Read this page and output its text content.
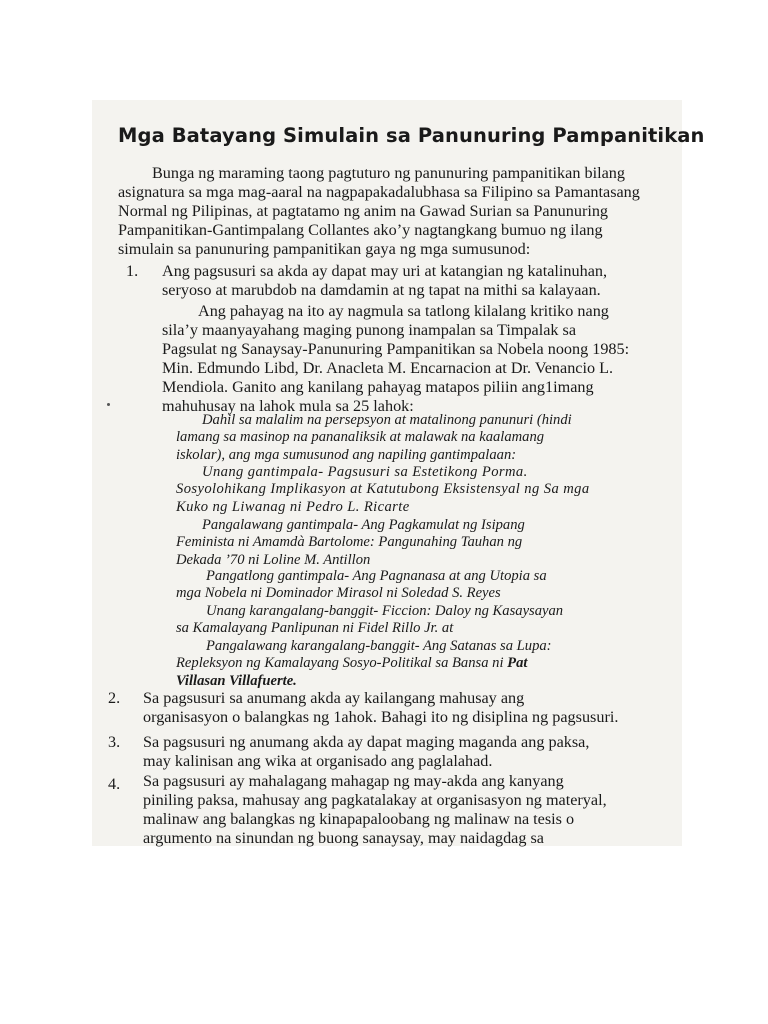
Mga Batayang Simulain sa Panunuring Pampanitikan
Bunga ng maraming taong pagtuturo ng panunuring pampanitikan bilang
asignatura sa mga mag-aaral na nagpapakadalubhasa sa Filipino sa Pamantasang
Normal ng Pilipinas, at pagtatamo ng anim na Gawad Surian sa Panunuring
Pampanitikan-Gantimpalang Collantes ako’y nagtangkang bumuo ng ilang
simulain sa panunuring pampanitikan gaya ng mga sumusunod:
1. Ang pagsusuri sa akda ay dapat may uri at katangian ng katalinuhan,
seryoso at marubdob na damdamin at ng tapat na mithi sa kalayaan.
Ang pahayag na ito ay nagmula sa tatlong kilalang kritiko nang
sila’y maanyayahang maging punong inampalan sa Timpalak sa
Pagsulat ng Sanaysay-Panunuring Pampanitikan sa Nobela noong 1985:
Min. Edmundo Libd, Dr. Anacleta M. Encarnacion at Dr. Venancio L.
Mendiola. Ganito ang kanilang pahayag matapos piliin ang1imang
mahuhusay na lahok mula sa 25 lahok:
Dahil sa malalim na persepsyon at matalinong panunuri (hindi
lamang sa masinop na pananaliksik at malawak na kaalamang
iskolar), ang mga sumusunod ang napiling gantimpalaan:
Unang gantimpala- Pagsusuri sa Estetikong Porma.
Sosyolohikang Implikasyon at Katutubong Eksistensyal ng Sa mga
Kuko ng Liwanag ni Pedro L. Ricarte
Pangalawang gantimpala- Ang Pagkamulat ng Isipang
Feminista ni Amamdà Bartolome: Pangunahing Tauhan ng
Dekada ’70 ni Loline M. Antillon
Pangatlong gantimpala- Ang Pagnanasa at ang Utopia sa
mga Nobela ni Dominador Mirasol ni Soledad S. Reyes
Unang karangalang-banggit- Ficcion: Daloy ng Kasaysayan
sa Kamalayang Panlipunan ni Fidel Rillo Jr. at
Pangalawang karangalang-banggit- Ang Satanas sa Lupa:
Repleksyon ng Kamalayang Sosyo-Politikal sa Bansa ni Pat
Villasan Villafuerte.
2. Sa pagsusuri sa anumang akda ay kailangang mahusay ang
organisasyon o balangkas ng 1ahok. Bahagi ito ng disiplina ng pagsusuri.
3. Sa pagsusuri ng anumang akda ay dapat maging maganda ang paksa,
may kalinisan ang wika at organisado ang paglalahad.
4. Sa pagsusuri ay mahalagang mahagap ng may-akda ang kanyang
piniling paksa, mahusay ang pagkatalakay at organisasyon ng materyal,
malinaw ang balangkas ng kinapapaloobang ng malinaw na tesis o
argumento na sinundan ng buong sanaysay, may naidagdag sa
